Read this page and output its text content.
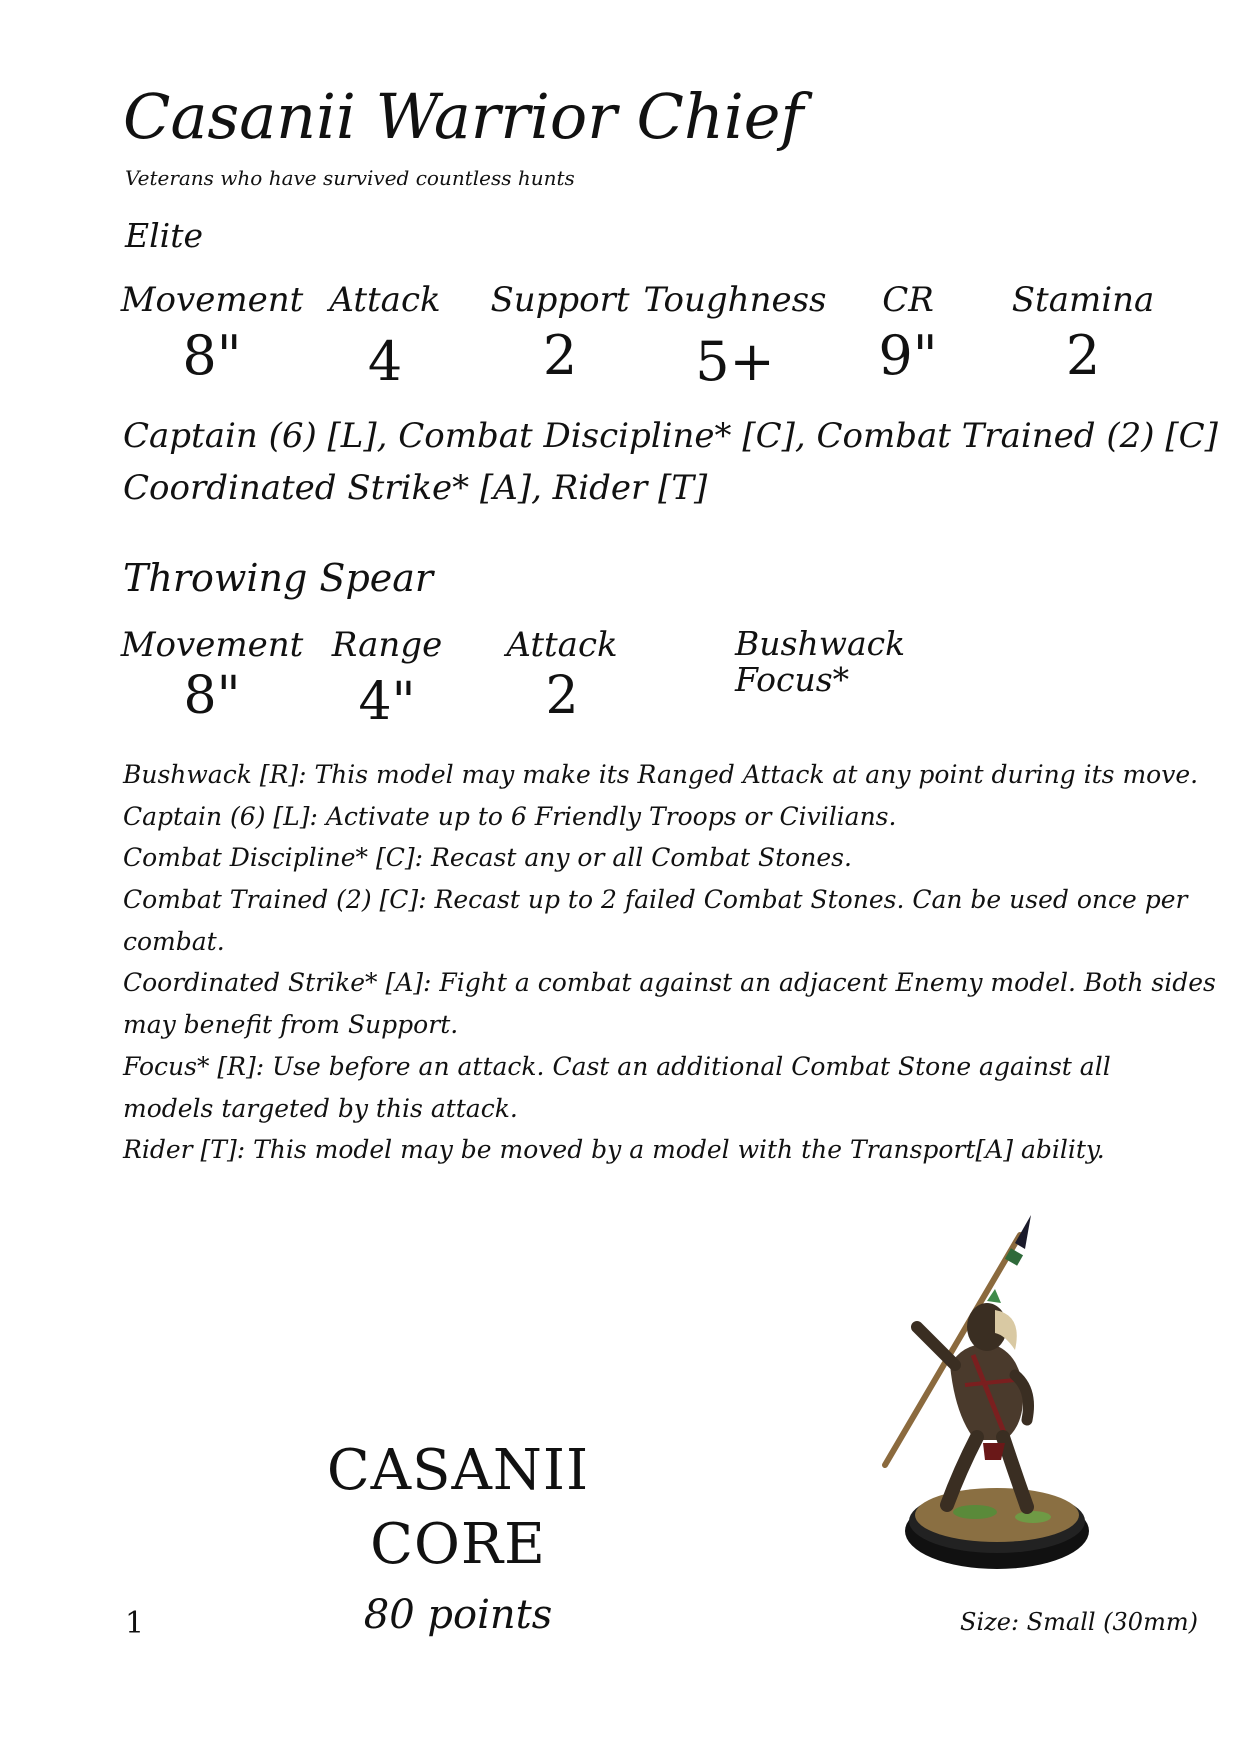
Casanii Warrior Chief
Veterans who have survived countless hunts
Elite
Movement Attack Support Toughness CR Stamina
8" 4	2 5+ 9" 2
Captain (6) [L], Combat Discipline* [C], Combat Trained (2) [C]
Coordinated Strike* [A], Rider [T]
Throwing Spear
Movement Range Attack
8" 4" 2
Bushwack
Focus*
Bushwack [R]: This model may make its Ranged Attack at any point during its move.
Captain (6) [L]: Activate up to 6 Friendly Troops or Civilians.
Combat Discipline* [C]: Recast any or all Combat Stones.
Combat Trained (2) [C]: Recast up to 2 failed Combat Stones. Can be used once per
combat.
Coordinated Strike* [A]: Fight a combat against an adjacent Enemy model. Both sides
may benefit from Support.
Focus* [R]: Use before an attack. Cast an additional Combat Stone against all
models targeted by this attack.
Rider [T]: This model may be moved by a model with the Transport[A] ability.
CASANII
CORE
80 points
1	Size: Small (30mm)
